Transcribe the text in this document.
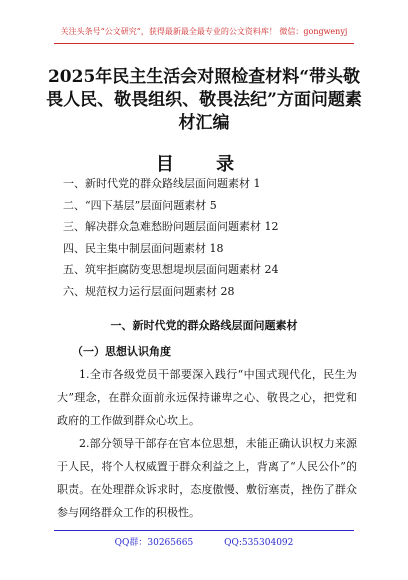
关注头条号“公文研究”，获得最新最全最专业的公文资料库！ 微信：gongwenyj
2025年民主生活会对照检查材料“带头敬畏人民、敬畏组织、敬畏法纪”方面问题素材汇编
目 录
一、新时代党的群众路线层面问题素材 1
二、“四下基层”层面问题素材 5
三、解决群众急难愁盼问题层面问题素材 12
四、民主集中制层面问题素材 18
五、筑牢拒腐防变思想堤坝层面问题素材 24
六、规范权力运行层面问题素材 28
一、新时代党的群众路线层面问题素材
（一）思想认识角度

1.全市各级党员干部要深入践行“中国式现代化，民生为大”理念，在群众面前永远保持谦卑之心、敬畏之心，把党和政府的工作做到群众心坎上。

2.部分领导干部存在官本位思想，未能正确认识权力来源于人民，将个人权威置于群众利益之上，背离了“人民公仆”的职责。在处理群众诉求时，态度傲慢、敷衍塞责，挫伤了群众参与网络群众工作的积极性。

QQ群：30265665	QQ:535304092
